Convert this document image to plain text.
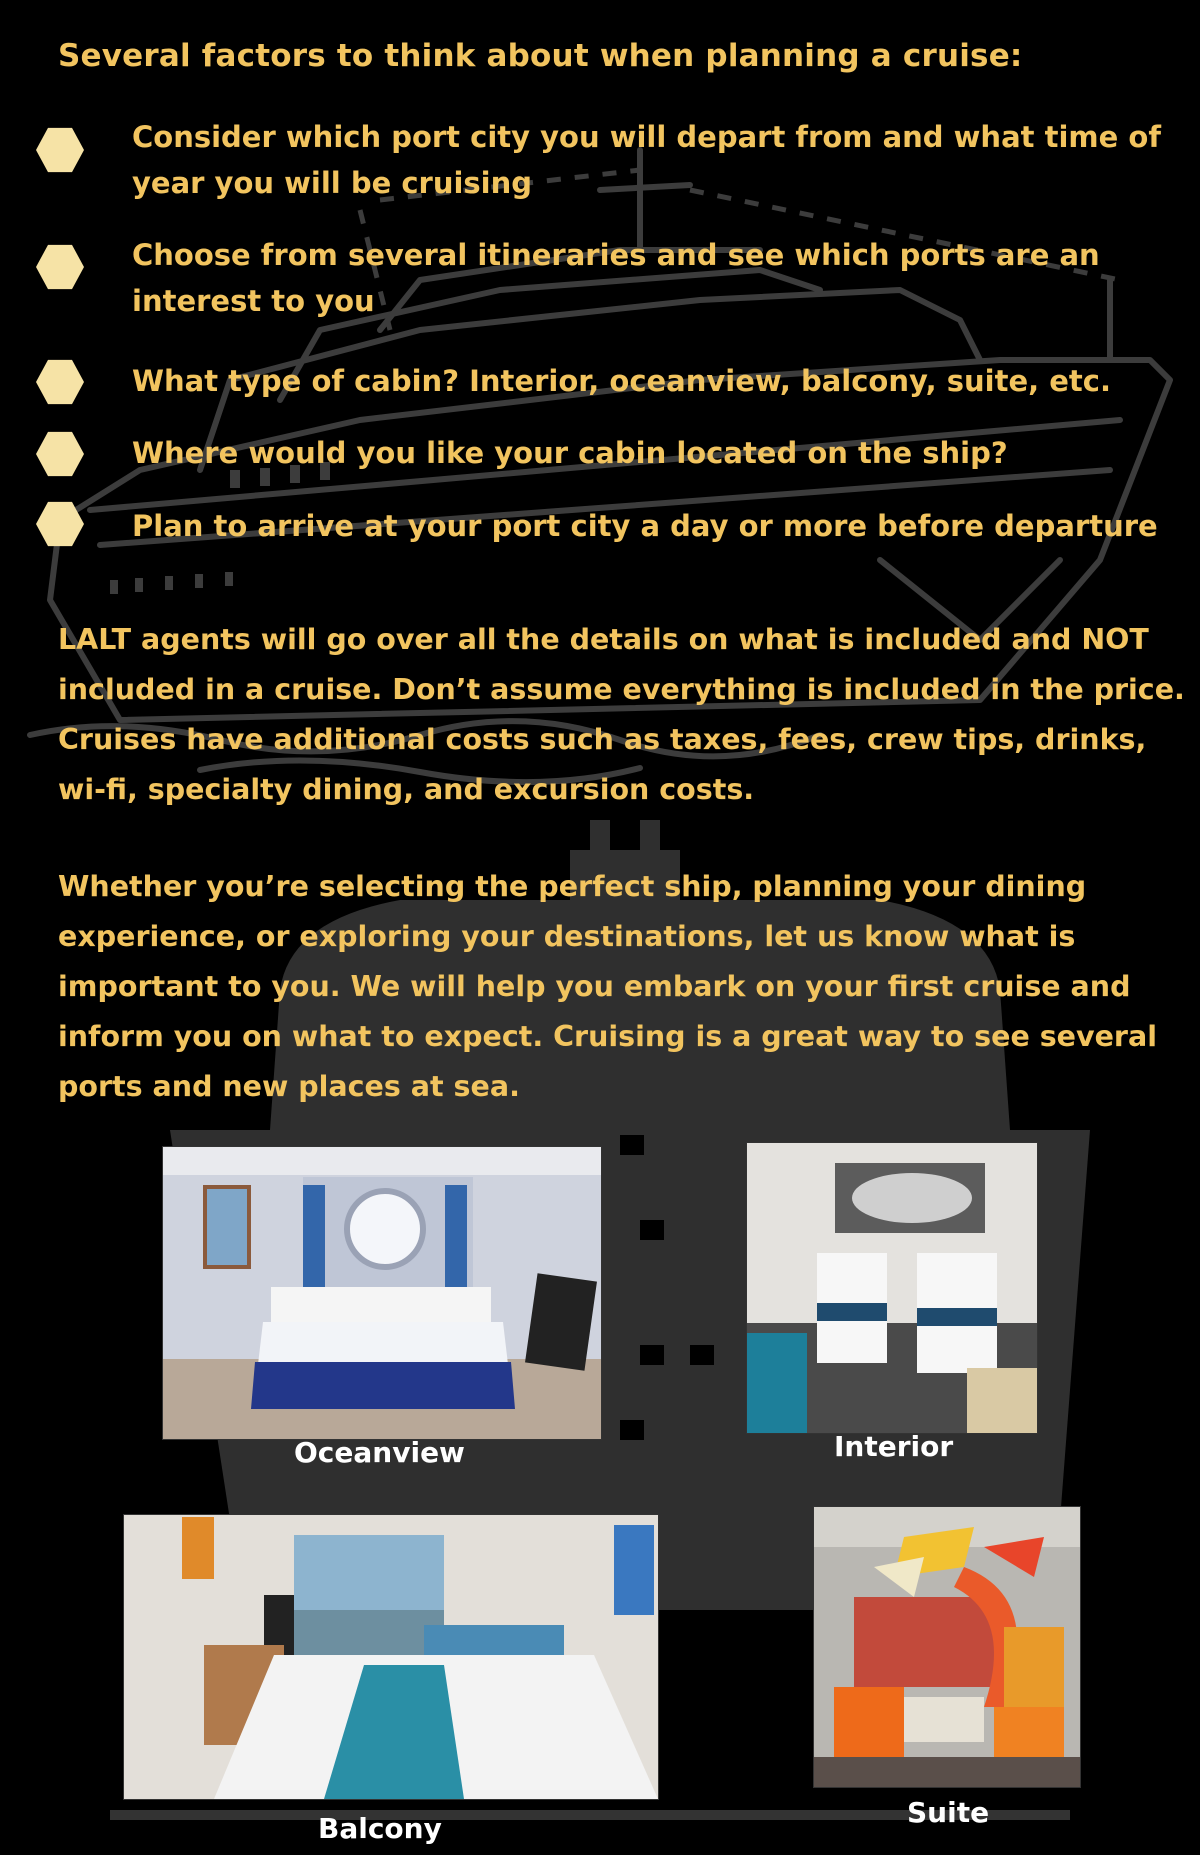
Several factors to think about when planning a cruise:
Consider which port city you will depart from and what time of year you will be cruising
Choose from several itineraries and see which ports are an interest to you
What type of cabin? Interior, oceanview, balcony, suite, etc.
Where would you like your cabin located on the ship?
Plan to arrive at your port city a day or more before departure

LALT agents will go over all the details on what is included and NOT included in a cruise. Don’t assume everything is included in the price. Cruises have additional costs such as taxes, fees, crew tips, drinks, wi-fi, specialty dining, and excursion costs.

Whether you’re selecting the perfect ship, planning your dining experience, or exploring your destinations, let us know what is important to you. We will help you embark on your first cruise and inform you on what to expect. Cruising is a great way to see several ports and new places at sea.

Oceanview	Interior
Balcony	Suite
